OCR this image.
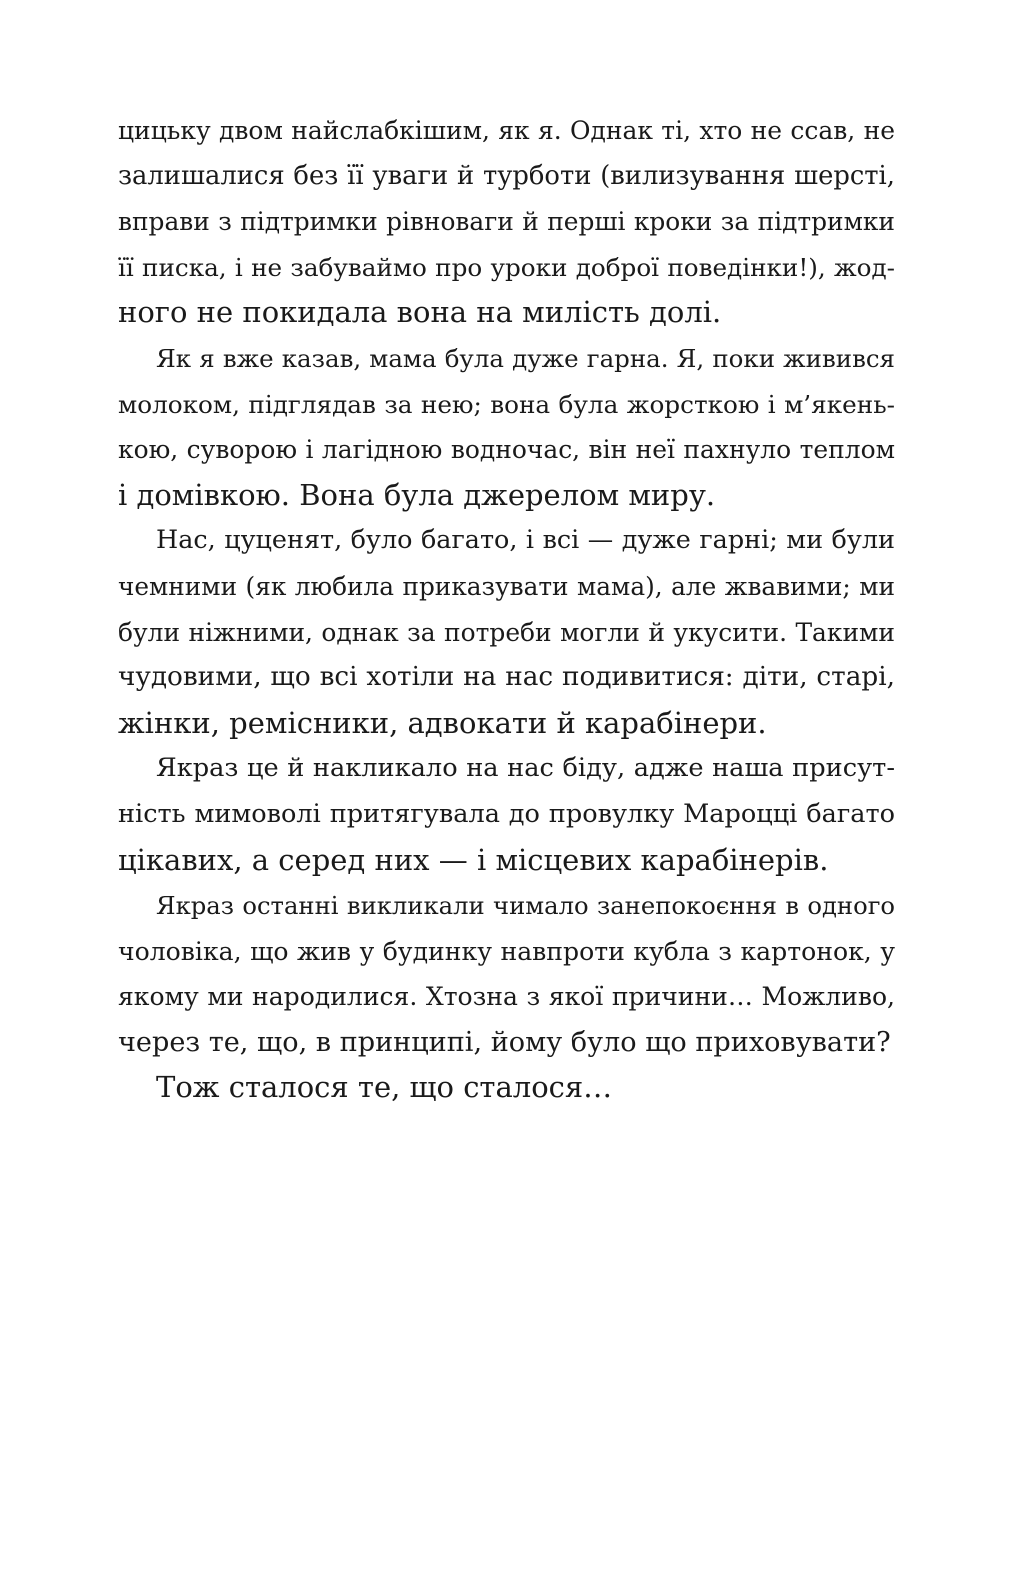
цицьку двом найслабкішим, як я. Однак ті, хто не ссав, не
залишалися без її уваги й турботи (вилизування шерсті,
вправи з підтримки рівноваги й перші кроки за підтримки
її писка, і не забуваймо про уроки доброї поведінки!), жод-
ного не покидала вона на милість долі.
Як я вже казав, мама була дуже гарна. Я, поки живився
молоком, підглядав за нею; вона була жорсткою і м’якень-
кою, суворою і лагідною водночас, він неї пахнуло теплом
і домівкою. Вона була джерелом миру.
Нас, цуценят, було багато, і всі — дуже гарні; ми були
чемними (як любила приказувати мама), але жвавими; ми
були ніжними, однак за потреби могли й укусити. Такими
чудовими, що всі хотіли на нас подивитися: діти, старі,
жінки, ремісники, адвокати й карабінери.
Якраз це й накликало на нас біду, адже наша присут-
ність мимоволі притягувала до провулку Мароцці багато
цікавих, а серед них — і місцевих карабінерів.
Якраз останні викликали чимало занепокоєння в одного
чоловіка, що жив у будинку навпроти кубла з картонок, у
якому ми народилися. Хтозна з якої причини… Можливо,
через те, що, в принципі, йому було що приховувати?
Тож сталося те, що сталося…
